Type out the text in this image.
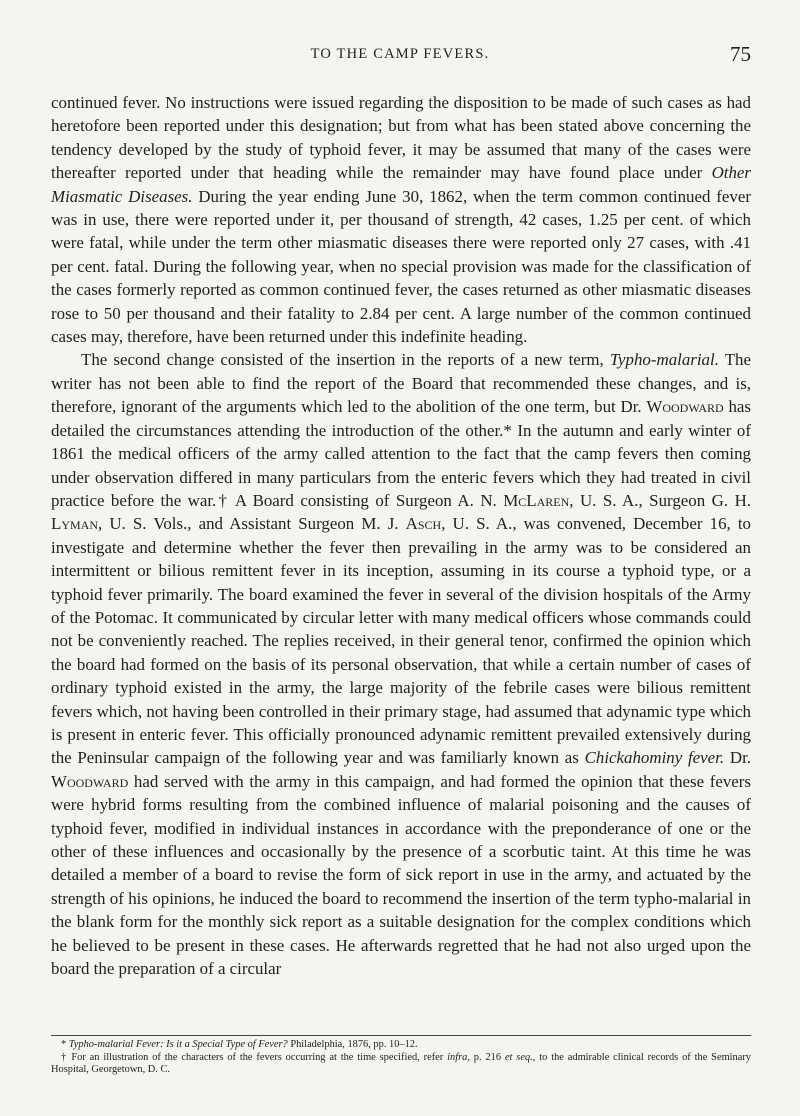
TO THE CAMP FEVERS.	75

continued fever. No instructions were issued regarding the disposition to be made of such cases as had heretofore been reported under this designation; but from what has been stated above concerning the tendency developed by the study of typhoid fever, it may be assumed that many of the cases were thereafter reported under that heading while the remainder may have found place under Other Miasmatic Diseases. During the year ending June 30, 1862, when the term common continued fever was in use, there were reported under it, per thousand of strength, 42 cases, 1.25 per cent. of which were fatal, while under the term other miasmatic diseases there were reported only 27 cases, with .41 per cent. fatal. During the following year, when no special provision was made for the classification of the cases formerly reported as common continued fever, the cases returned as other miasmatic diseases rose to 50 per thousand and their fatality to 2.84 per cent. A large number of the common continued cases may, therefore, have been returned under this indefinite heading.

The second change consisted of the insertion in the reports of a new term, Typho-malarial. The writer has not been able to find the report of the Board that recommended these changes, and is, therefore, ignorant of the arguments which led to the abolition of the one term, but Dr. Woodward has detailed the circumstances attending the introduction of the other.* In the autumn and early winter of 1861 the medical officers of the army called attention to the fact that the camp fevers then coming under observation differed in many particulars from the enteric fevers which they had treated in civil practice before the war.† A Board consisting of Surgeon A. N. McLaren, U. S. A., Surgeon G. H. Lyman, U. S. Vols., and Assistant Surgeon M. J. Asch, U. S. A., was convened, December 16, to investigate and determine whether the fever then prevailing in the army was to be considered an intermittent or bilious remittent fever in its inception, assuming in its course a typhoid type, or a typhoid fever primarily. The board examined the fever in several of the division hospitals of the Army of the Potomac. It communicated by circular letter with many medical officers whose commands could not be conveniently reached. The replies received, in their general tenor, confirmed the opinion which the board had formed on the basis of its personal observation, that while a certain number of cases of ordinary typhoid existed in the army, the large majority of the febrile cases were bilious remittent fevers which, not having been controlled in their primary stage, had assumed that adynamic type which is present in enteric fever. This officially pronounced adynamic remittent prevailed extensively during the Peninsular campaign of the following year and was familiarly known as Chickahominy fever. Dr. Woodward had served with the army in this campaign, and had formed the opinion that these fevers were hybrid forms resulting from the combined influence of malarial poisoning and the causes of typhoid fever, modified in individual instances in accordance with the preponderance of one or the other of these influences and occasionally by the presence of a scorbutic taint. At this time he was detailed a member of a board to revise the form of sick report in use in the army, and actuated by the strength of his opinions, he induced the board to recommend the insertion of the term typho-malarial in the blank form for the monthly sick report as a suitable designation for the complex conditions which he believed to be present in these cases. He afterwards regretted that he had not also urged upon the board the preparation of a circular

* Typho-malarial Fever: Is it a Special Type of Fever? Philadelphia, 1876, pp. 10–12.

† For an illustration of the characters of the fevers occurring at the time specified, refer infra, p. 216 et seq., to the admirable clinical records of the Seminary Hospital, Georgetown, D. C.
